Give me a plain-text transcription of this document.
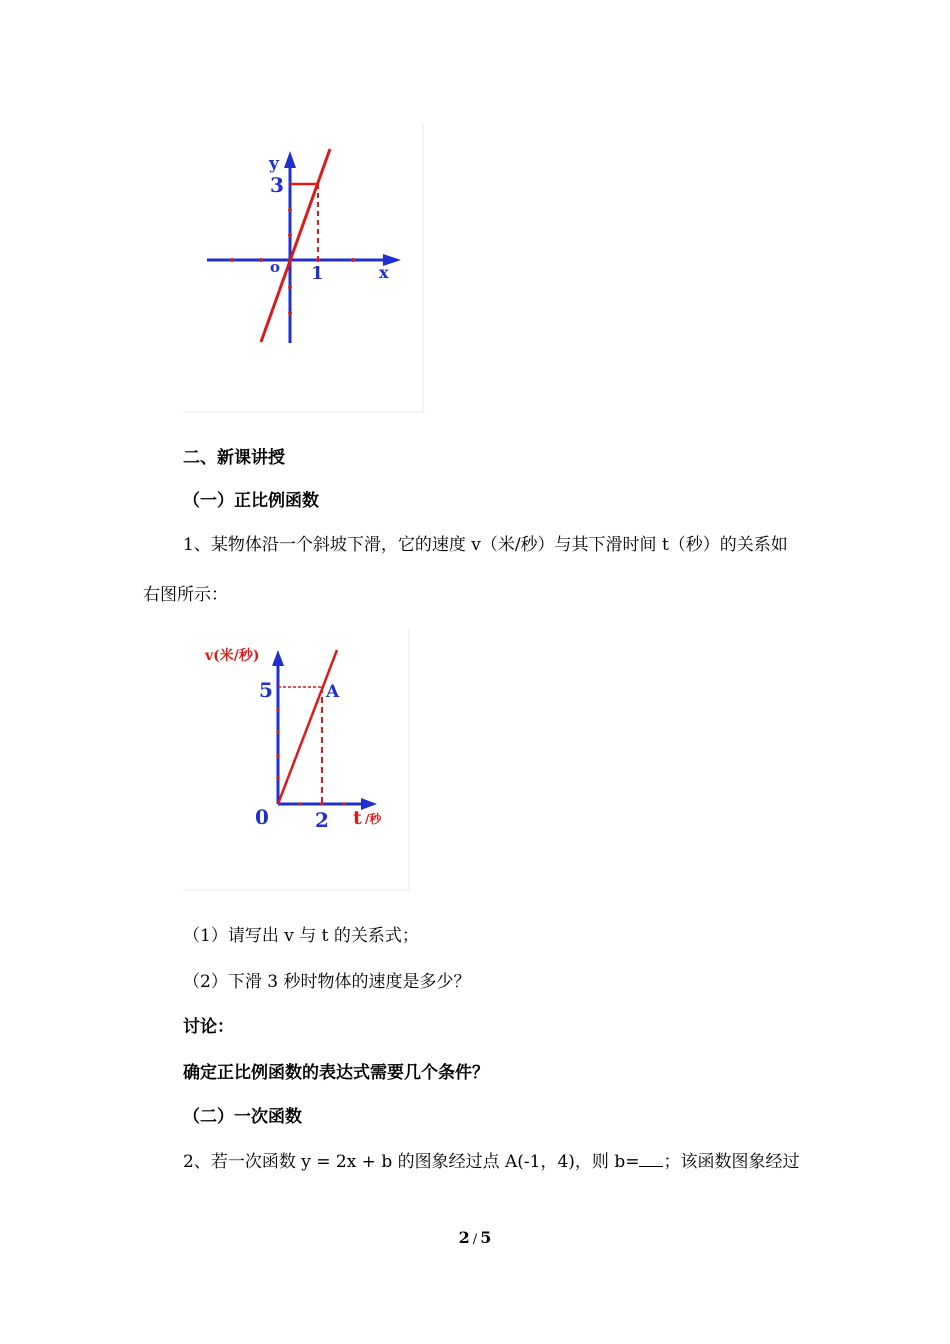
y
3
o 1	x
二、新课讲授
（一）正比例函数
1、某物体沿一个斜坡下滑，它的速度 v（米/秒）与其下滑时间 t（秒）的关系如
右图所示：
v(米/秒)
5	A
0 2 t /秒
（1）请写出 v 与 t 的关系式；
（2）下滑 3 秒时物体的速度是多少？
讨论：
确定正比例函数的表达式需要几个条件？
（二）一次函数
2、若一次函数 y = 2x + b 的图象经过点 A(-1，4)，则 b= ；该函数图象经过
2 / 5
